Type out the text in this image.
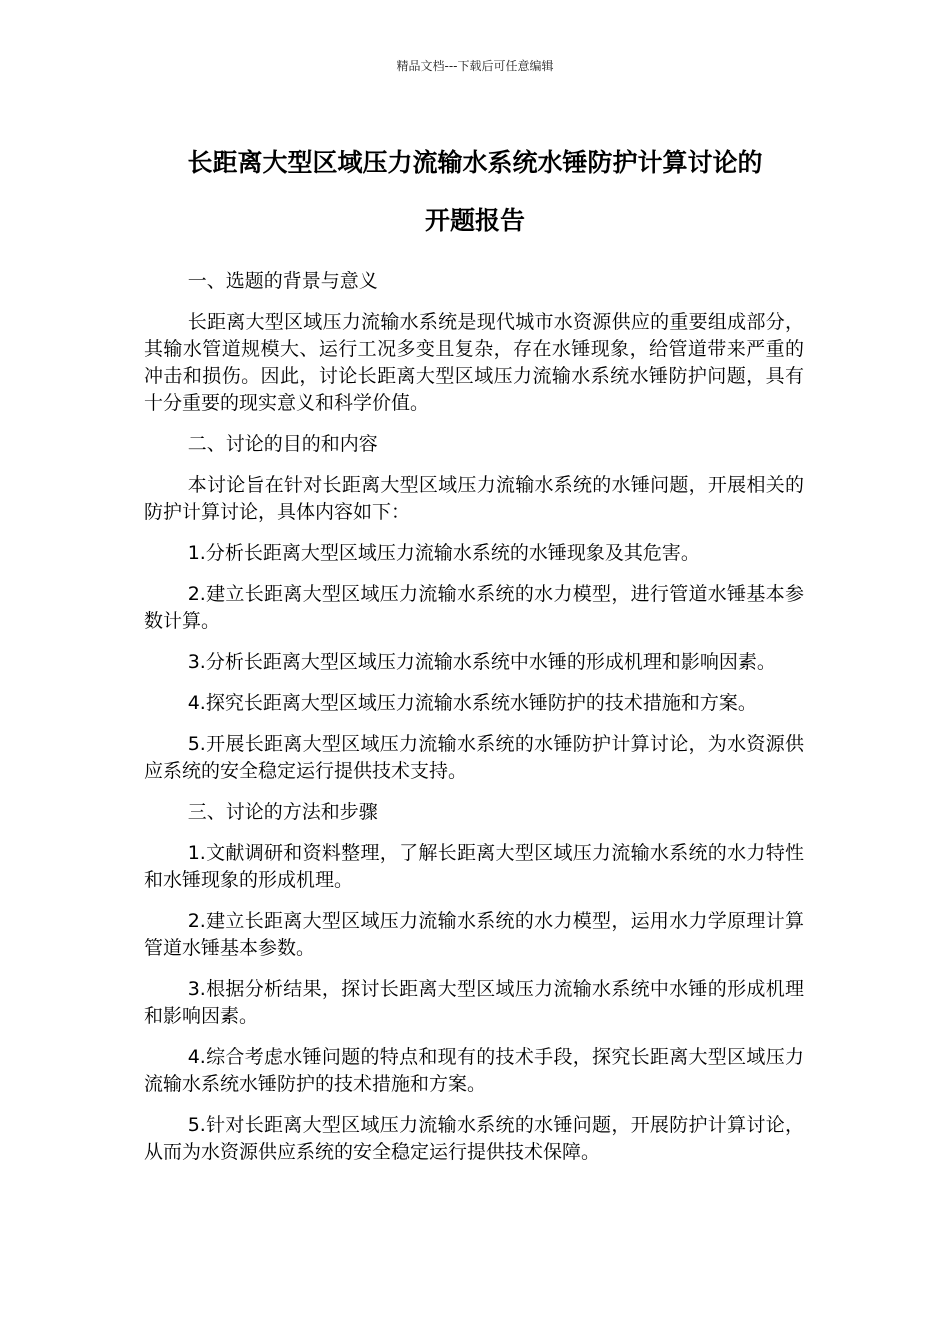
精品文档---下载后可任意编辑
长距离大型区域压力流输水系统水锤防护计算讨论的
开题报告

一、选题的背景与意义

长距离大型区域压力流输水系统是现代城市水资源供应的重要组成部分，其输水管道规模大、运行工况多变且复杂，存在水锤现象，给管道带来严重的冲击和损伤。因此，讨论长距离大型区域压力流输水系统水锤防护问题，具有十分重要的现实意义和科学价值。

二、讨论的目的和内容

本讨论旨在针对长距离大型区域压力流输水系统的水锤问题，开展相关的防护计算讨论，具体内容如下：

1.分析长距离大型区域压力流输水系统的水锤现象及其危害。

2.建立长距离大型区域压力流输水系统的水力模型，进行管道水锤基本参数计算。

3.分析长距离大型区域压力流输水系统中水锤的形成机理和影响因素。

4.探究长距离大型区域压力流输水系统水锤防护的技术措施和方案。

5.开展长距离大型区域压力流输水系统的水锤防护计算讨论，为水资源供应系统的安全稳定运行提供技术支持。

三、讨论的方法和步骤

1.文献调研和资料整理，了解长距离大型区域压力流输水系统的水力特性和水锤现象的形成机理。

2.建立长距离大型区域压力流输水系统的水力模型，运用水力学原理计算管道水锤基本参数。

3.根据分析结果，探讨长距离大型区域压力流输水系统中水锤的形成机理和影响因素。

4.综合考虑水锤问题的特点和现有的技术手段，探究长距离大型区域压力流输水系统水锤防护的技术措施和方案。

5.针对长距离大型区域压力流输水系统的水锤问题，开展防护计算讨论，从而为水资源供应系统的安全稳定运行提供技术保障。
